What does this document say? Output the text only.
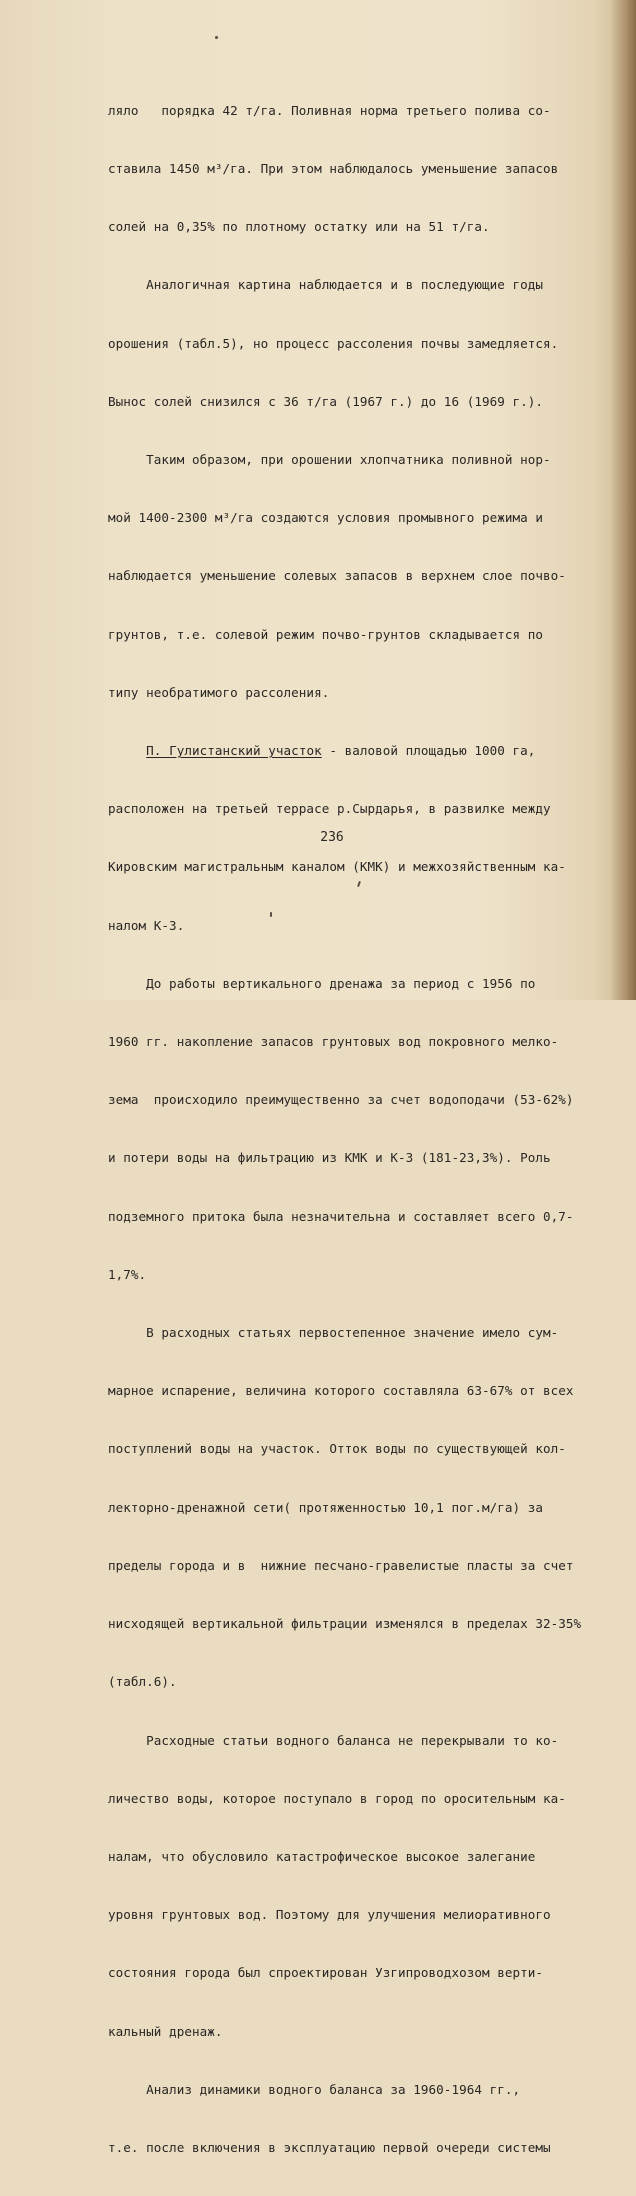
ляло   порядка 42 т/га. Поливная норма третьего полива со-

ставила 1450 м³/га. При этом наблюдалось уменьшение запасов

солей на 0,35% по плотному остатку или на 51 т/га.

Аналогичная картина наблюдается и в последующие годы

орошения (табл.5), но процесс рассоления почвы замедляется.

Вынос солей снизился с 36 т/га (1967 г.) до 16 (1969 г.).

Таким образом, при орошении хлопчатника поливной нор-

мой 1400-2300 м³/га создаются условия промывного режима и

наблюдается уменьшение солевых запасов в верхнем слое почво-

грунтов, т.е. солевой режим почво-грунтов складывается по

типу необратимого рассоления.

П. Гулистанский участок - валовой площадью 1000 га,

расположен на третьей террасе р.Сырдарья, в развилке между

Кировским магистральным каналом (КМК) и межхозяйственным ка-

налом К-3.

До работы вертикального дренажа за период с 1956 по

1960 гг. накопление запасов грунтовых вод покровного мелко-

зема  происходило преимущественно за счет водоподачи (53-62%)

и потери воды на фильтрацию из КМК и К-3 (181-23,3%). Роль

подземного притока была незначительна и составляет всего 0,7-

1,7%.

В расходных статьях первостепенное значение имело сум-

марное испарение, величина которого составляла 63-67% от всех

поступлений воды на участок. Отток воды по существующей кол-

лекторно-дренажной сети( протяженностью 10,1 пог.м/га) за

пределы города и в  нижние песчано-гравелистые пласты за счет

нисходящей вертикальной фильтрации изменялся в пределах 32-35%

(табл.6).

Расходные статьи водного баланса не перекрывали то ко-

личество воды, которое поступало в город по оросительным ка-

налам, что обусловило катастрофическое высокое залегание

уровня грунтовых вод. Поэтому для улучшения мелиоративного

состояния города был спроектирован Узгипроводхозом верти-

кальный дренаж.

Анализ динамики водного баланса за 1960-1964 гг.,

т.е. после включения в эксплуатацию первой очереди системы

236
